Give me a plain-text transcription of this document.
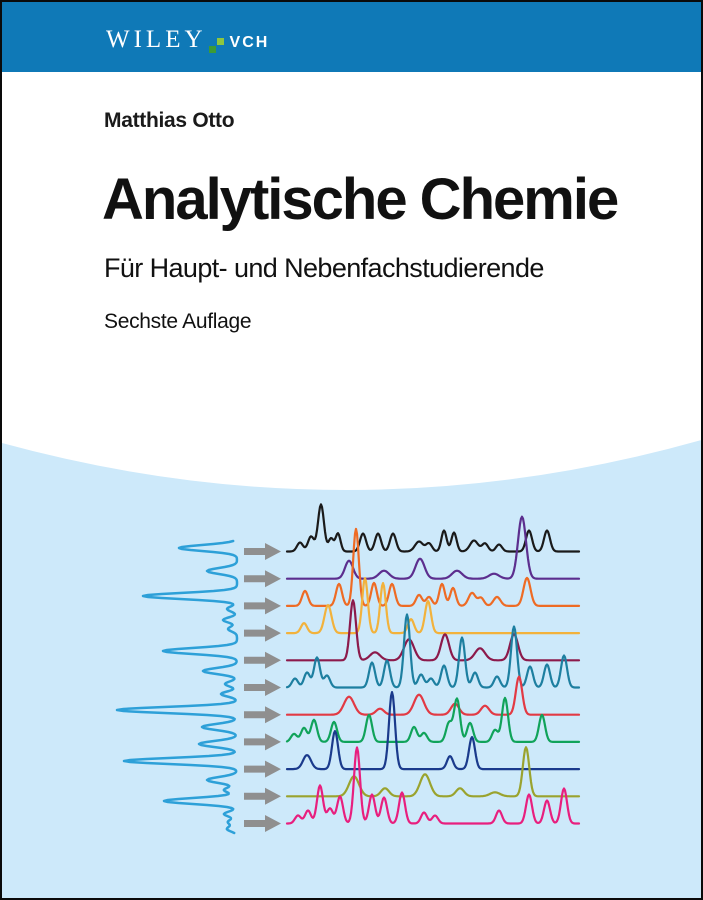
WILEY VCH
Matthias Otto
Analytische Chemie
Für Haupt- und Nebenfachstudierende
Sechste Auflage
